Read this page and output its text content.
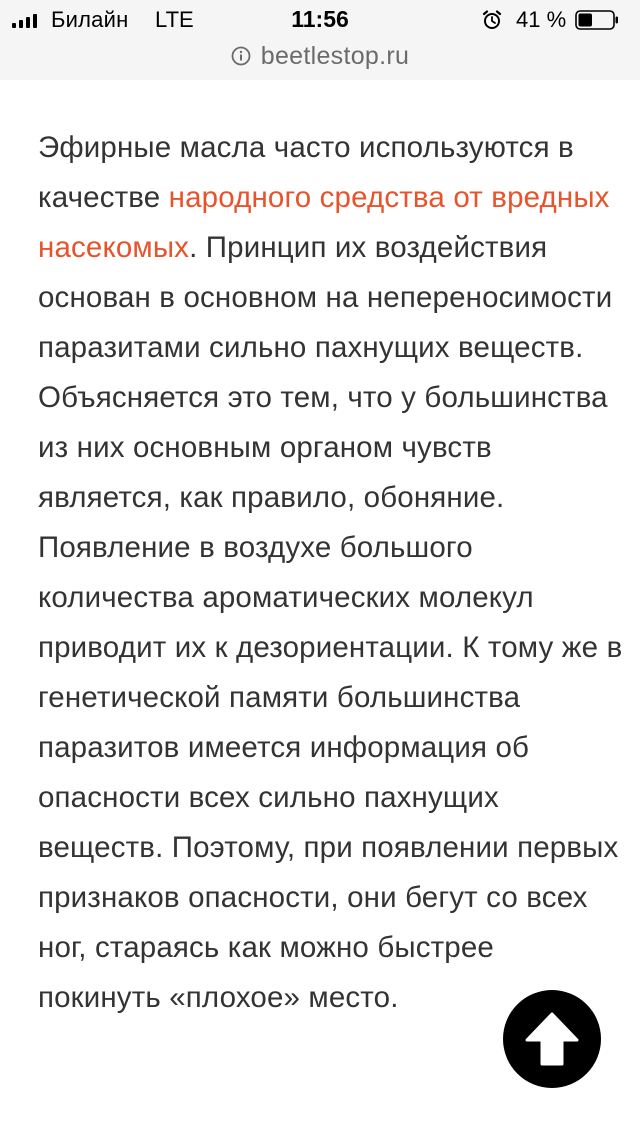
Билайн LTE	11:56	41 %
beetlestop.ru

Эфирные масла часто используются в качестве народного средства от вредных насекомых. Принцип их воздействия основан в основном на непереносимости паразитами сильно пахнущих веществ. Объясняется это тем, что у большинства из них основным органом чувств является, как правило, обоняние. Появление в воздухе большого количества ароматических молекул приводит их к дезориентации. К тому же в генетической памяти большинства паразитов имеется информация об опасности всех сильно пахнущих веществ. Поэтому, при появлении первых признаков опасности, они бегут со всех ног, стараясь как можно быстрее покинуть «плохое» место.
